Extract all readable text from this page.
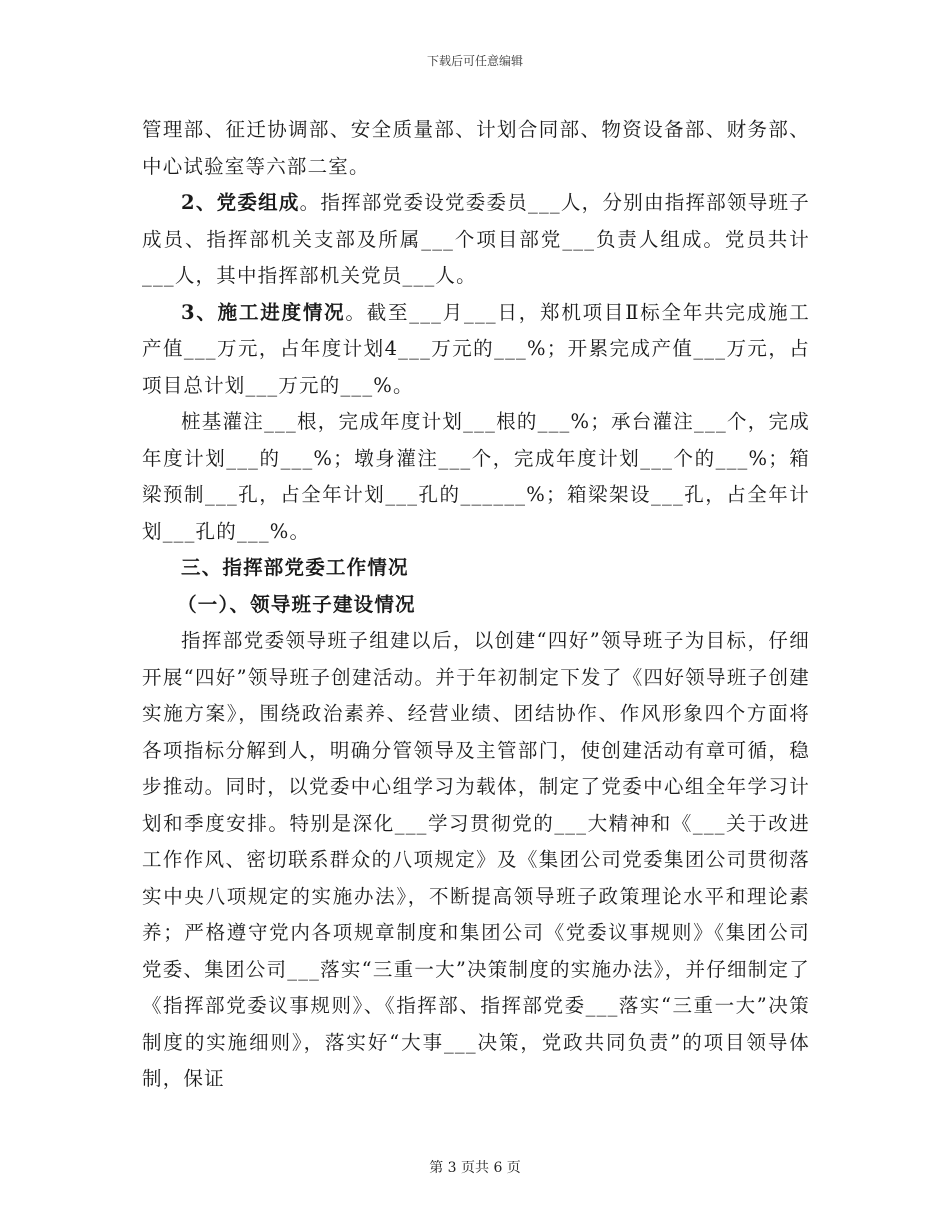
下载后可任意编辑

管理部、征迁协调部、安全质量部、计划合同部、物资设备部、财务部、中心试验室等六部二室。

2、党委组成。指挥部党委设党委委员___人，分别由指挥部领导班子成员、指挥部机关支部及所属___个项目部党___负责人组成。党员共计___人，其中指挥部机关党员___人。

3、施工进度情况。截至___月___日，郑机项目Ⅱ标全年共完成施工产值___万元，占年度计划4___万元的___%；开累完成产值___万元，占项目总计划___万元的___%。

桩基灌注___根，完成年度计划___根的___%；承台灌注___个，完成年度计划___的___%；墩身灌注___个，完成年度计划___个的___%；箱梁预制___孔，占全年计划___孔的______%；箱梁架设___孔，占全年计划___孔的___%。

三、指挥部党委工作情况

（一）、领导班子建设情况

指挥部党委领导班子组建以后，以创建“四好”领导班子为目标，仔细开展“四好”领导班子创建活动。并于年初制定下发了《四好领导班子创建实施方案》，围绕政治素养、经营业绩、团结协作、作风形象四个方面将各项指标分解到人，明确分管领导及主管部门，使创建活动有章可循，稳步推动。同时，以党委中心组学习为载体，制定了党委中心组全年学习计划和季度安排。特别是深化___学习贯彻党的___大精神和《___关于改进工作作风、密切联系群众的八项规定》及《集团公司党委集团公司贯彻落实中央八项规定的实施办法》，不断提高领导班子政策理论水平和理论素养；严格遵守党内各项规章制度和集团公司《党委议事规则》《集团公司党委、集团公司___落实“三重一大”决策制度的实施办法》，并仔细制定了《指挥部党委议事规则》、《指挥部、指挥部党委___落实“三重一大”决策制度的实施细则》，落实好“大事___决策，党政共同负责”的项目领导体制，保证

第 3 页共 6 页
